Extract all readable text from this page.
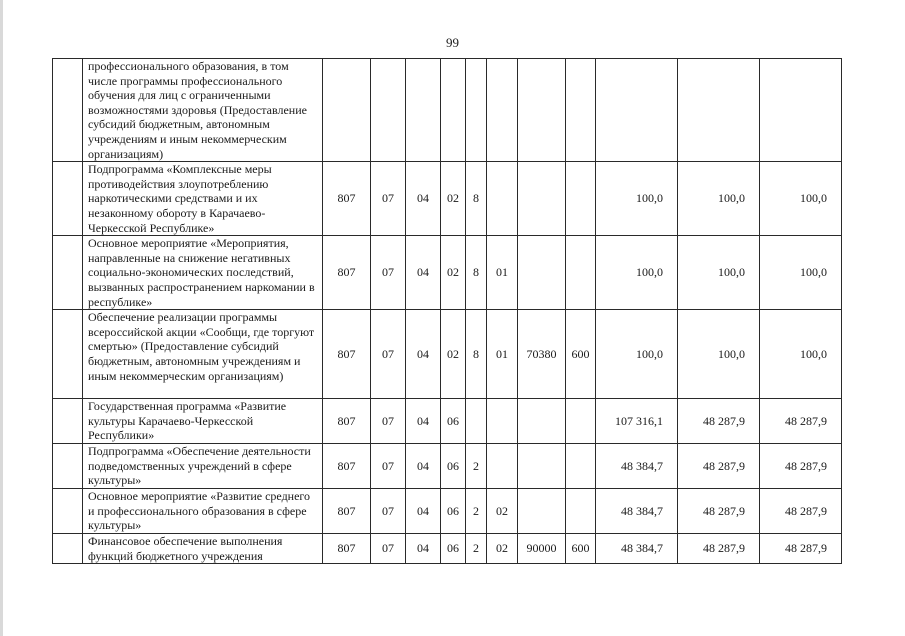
99
	профессионального образования, в том числе программы профессионального обучения для лиц с ограниченными возможностями здоровья (Предоставление субсидий бюджетным, автономным учреждениям и иным некоммерческим организациям)											
	Подпрограмма «Комплексные меры противодействия злоупотреблению наркотическими средствами и их незаконному обороту в Карачаево-Черкесской Республике»	807	07	04	02	8				100,0	100,0	100,0
	Основное мероприятие «Мероприятия, направленные на снижение негативных социально-экономических последствий, вызванных распространением наркомании в республике»	807	07	04	02	8	01			100,0	100,0	100,0
	Обеспечение реализации программы всероссийской акции «Сообщи, где торгуют смертью» (Предоставление субсидий бюджетным, автономным учреждениям и иным некоммерческим организациям)	807	07	04	02	8	01	70380	600	100,0	100,0	100,0
	Государственная программа «Развитие культуры Карачаево-Черкесской Республики»	807	07	04	06					107 316,1	48 287,9	48 287,9
	Подпрограмма «Обеспечение деятельности подведомственных учреждений в сфере культуры»	807	07	04	06	2				48 384,7	48 287,9	48 287,9
	Основное мероприятие «Развитие среднего и профессионального образования в сфере культуры»	807	07	04	06	2	02			48 384,7	48 287,9	48 287,9
	Финансовое обеспечение выполнения функций бюджетного учреждения	807	07	04	06	2	02	90000	600	48 384,7	48 287,9	48 287,9
